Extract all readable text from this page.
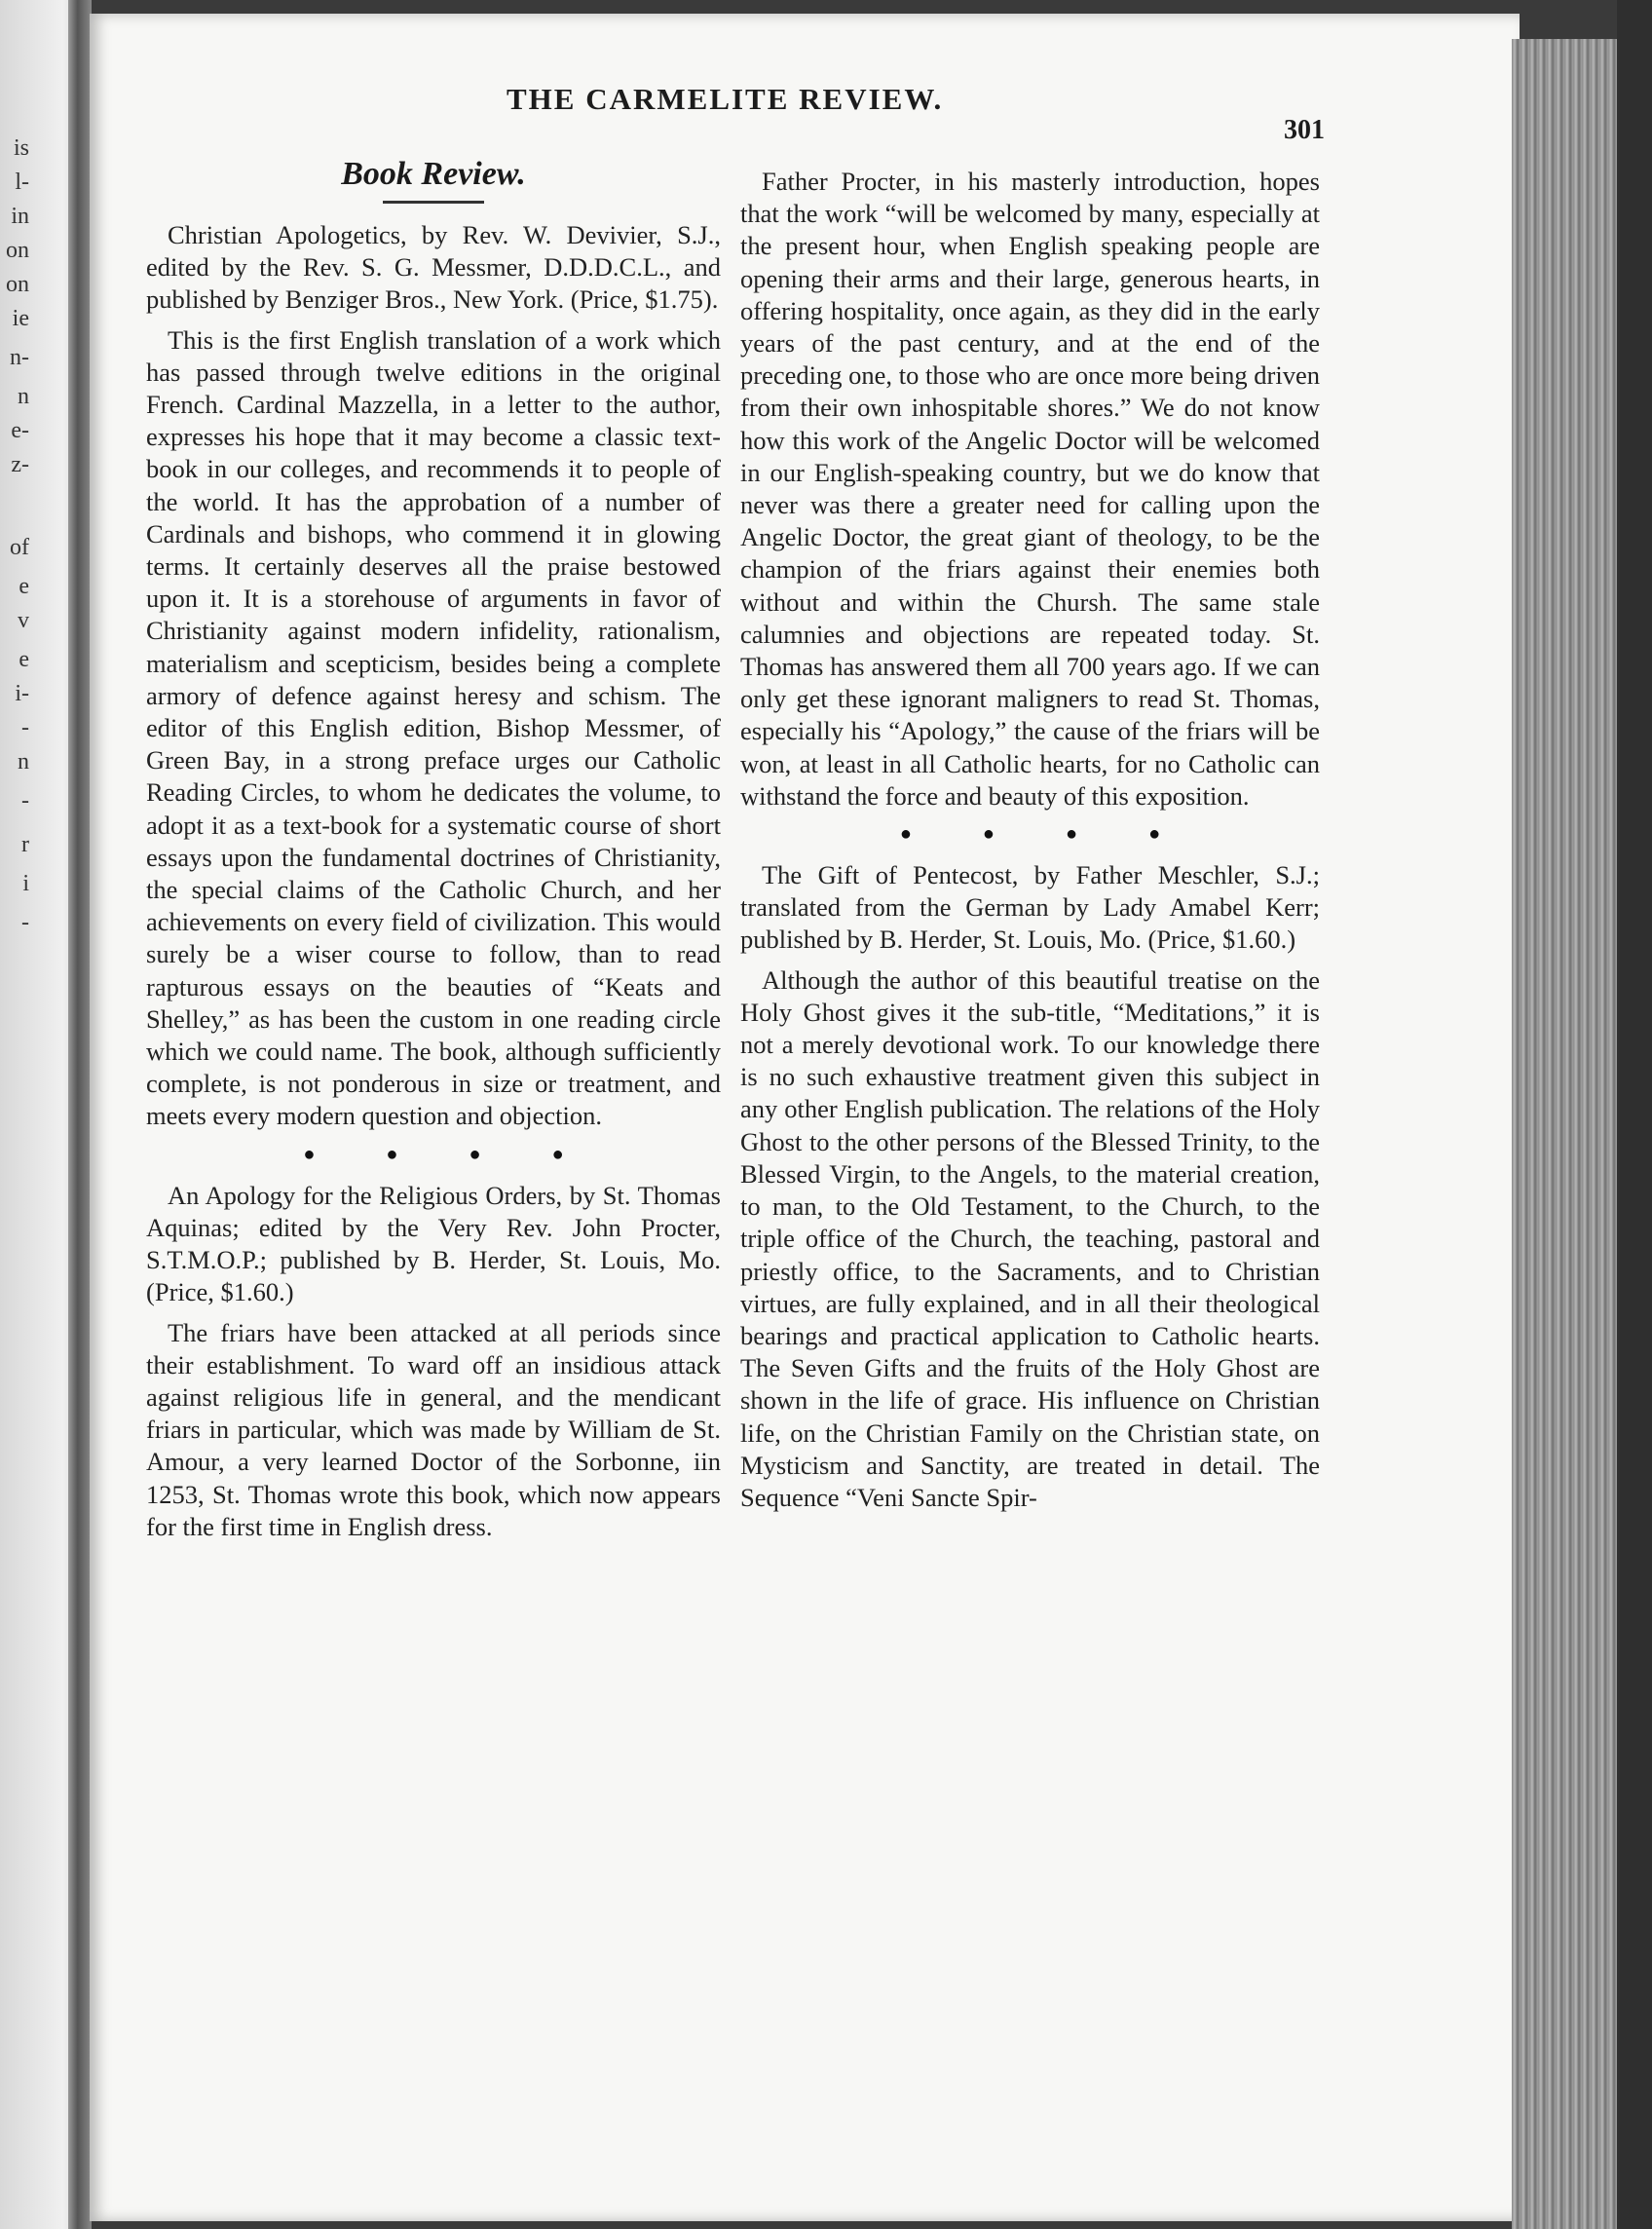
is
l-
in
on
on
ie
n-
n
e-
z-
of
e
v
e
i-
-
n
-
r
i
-
THE CARMELITE REVIEW.
301
Book Review.

Christian Apologetics, by Rev. W. Devivier, S.J., edited by the Rev. S. G. Messmer, D.D.D.C.L., and published by Benziger Bros., New York. (Price, $1.75).

This is the first English translation of a work which has passed through twelve editions in the original French. Cardinal Mazzella, in a letter to the author, expresses his hope that it may become a classic text-book in our colleges, and recommends it to people of the world. It has the approbation of a number of Cardinals and bishops, who commend it in glowing terms. It certainly deserves all the praise bestowed upon it. It is a storehouse of arguments in favor of Christianity against modern infidelity, rationalism, materialism and scepticism, besides being a complete armory of defence against heresy and schism. The editor of this English edition, Bishop Messmer, of Green Bay, in a strong preface urges our Catholic Reading Circles, to whom he dedicates the volume, to adopt it as a text-book for a systematic course of short essays upon the fundamental doctrines of Christianity, the special claims of the Catholic Church, and her achievements on every field of civilization. This would surely be a wiser course to follow, than to read rapturous essays on the beauties of “Keats and Shelley,” as has been the custom in one reading circle which we could name. The book, although sufficiently complete, is not ponderous in size or treatment, and meets every modern question and objection.

● ● ● ●

An Apology for the Religious Orders, by St. Thomas Aquinas; edited by the Very Rev. John Procter, S.T.M.O.P.; published by B. Herder, St. Louis, Mo. (Price, $1.60.)

The friars have been attacked at all periods since their establishment. To ward off an insidious attack against religious life in general, and the mendicant friars in particular, which was made by William de St. Amour, a very learned Doctor of the Sorbonne, iin 1253, St. Thomas wrote this book, which now appears for the first time in English dress.

Father Procter, in his masterly introduction, hopes that the work “will be welcomed by many, especially at the present hour, when English speaking people are opening their arms and their large, generous hearts, in offering hospitality, once again, as they did in the early years of the past century, and at the end of the preceding one, to those who are once more being driven from their own inhospitable shores.” We do not know how this work of the Angelic Doctor will be welcomed in our English-speaking country, but we do know that never was there a greater need for calling upon the Angelic Doctor, the great giant of theology, to be the champion of the friars against their enemies both without and within the Chursh. The same stale calumnies and objections are repeated today. St. Thomas has answered them all 700 years ago. If we can only get these ignorant maligners to read St. Thomas, especially his “Apology,” the cause of the friars will be won, at least in all Catholic hearts, for no Catholic can withstand the force and beauty of this exposition.

● ● ● ●

The Gift of Pentecost, by Father Meschler, S.J.; translated from the German by Lady Amabel Kerr; published by B. Herder, St. Louis, Mo. (Price, $1.60.)

Although the author of this beautiful treatise on the Holy Ghost gives it the sub-title, “Meditations,” it is not a merely devotional work. To our knowledge there is no such exhaustive treatment given this subject in any other English publication. The relations of the Holy Ghost to the other persons of the Blessed Trinity, to the Blessed Virgin, to the Angels, to the material creation, to man, to the Old Testament, to the Church, to the triple office of the Church, the teaching, pastoral and priestly office, to the Sacraments, and to Christian virtues, are fully explained, and in all their theological bearings and practical application to Catholic hearts. The Seven Gifts and the fruits of the Holy Ghost are shown in the life of grace. His influence on Christian life, on the Christian Family on the Christian state, on Mysticism and Sanctity, are treated in detail. The Sequence “Veni Sancte Spir-
